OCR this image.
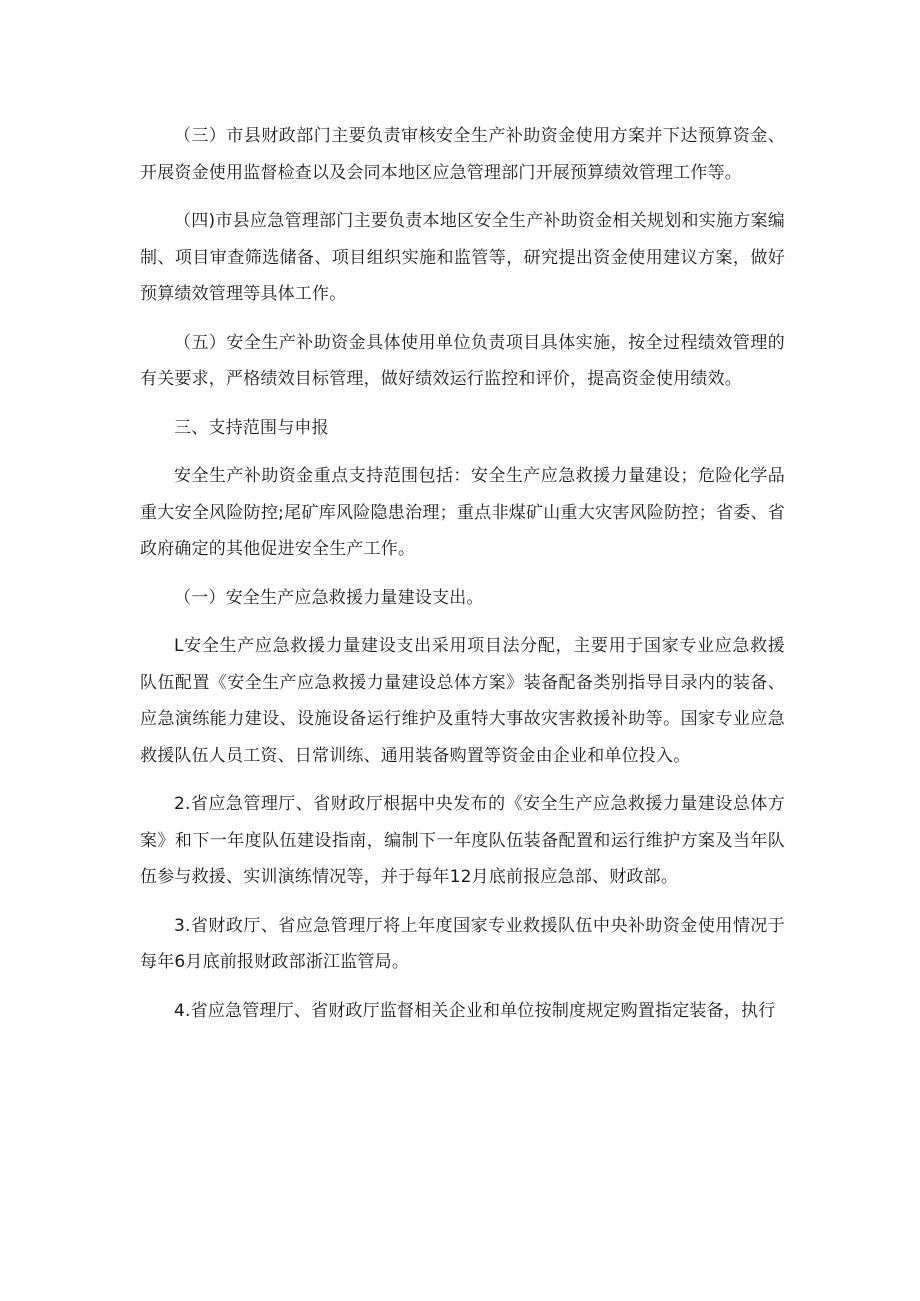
（三）市县财政部门主要负责审核安全生产补助资金使用方案并下达预算资金、开展资金使用监督检查以及会同本地区应急管理部门开展预算绩效管理工作等。

（四)市县应急管理部门主要负责本地区安全生产补助资金相关规划和实施方案编制、项目审查筛选储备、项目组织实施和监管等，研究提出资金使用建议方案，做好预算绩效管理等具体工作。

（五）安全生产补助资金具体使用单位负责项目具体实施，按全过程绩效管理的有关要求，严格绩效目标管理，做好绩效运行监控和评价，提高资金使用绩效。

三、支持范围与申报

安全生产补助资金重点支持范围包括：安全生产应急救援力量建设；危险化学品重大安全风险防控;尾矿库风险隐患治理；重点非煤矿山重大灾害风险防控；省委、省政府确定的其他促进安全生产工作。

（一）安全生产应急救援力量建设支出。

L安全生产应急救援力量建设支出采用项目法分配，主要用于国家专业应急救援队伍配置《安全生产应急救援力量建设总体方案》装备配备类别指导目录内的装备、应急演练能力建设、设施设备运行维护及重特大事故灾害救援补助等。国家专业应急救援队伍人员工资、日常训练、通用装备购置等资金由企业和单位投入。

2.省应急管理厅、省财政厅根据中央发布的《安全生产应急救援力量建设总体方案》和下一年度队伍建设指南，编制下一年度队伍装备配置和运行维护方案及当年队伍参与救援、实训演练情况等，并于每年12月底前报应急部、财政部。

3.省财政厅、省应急管理厅将上年度国家专业救援队伍中央补助资金使用情况于每年6月底前报财政部浙江监管局。

4.省应急管理厅、省财政厅监督相关企业和单位按制度规定购置指定装备，执行
